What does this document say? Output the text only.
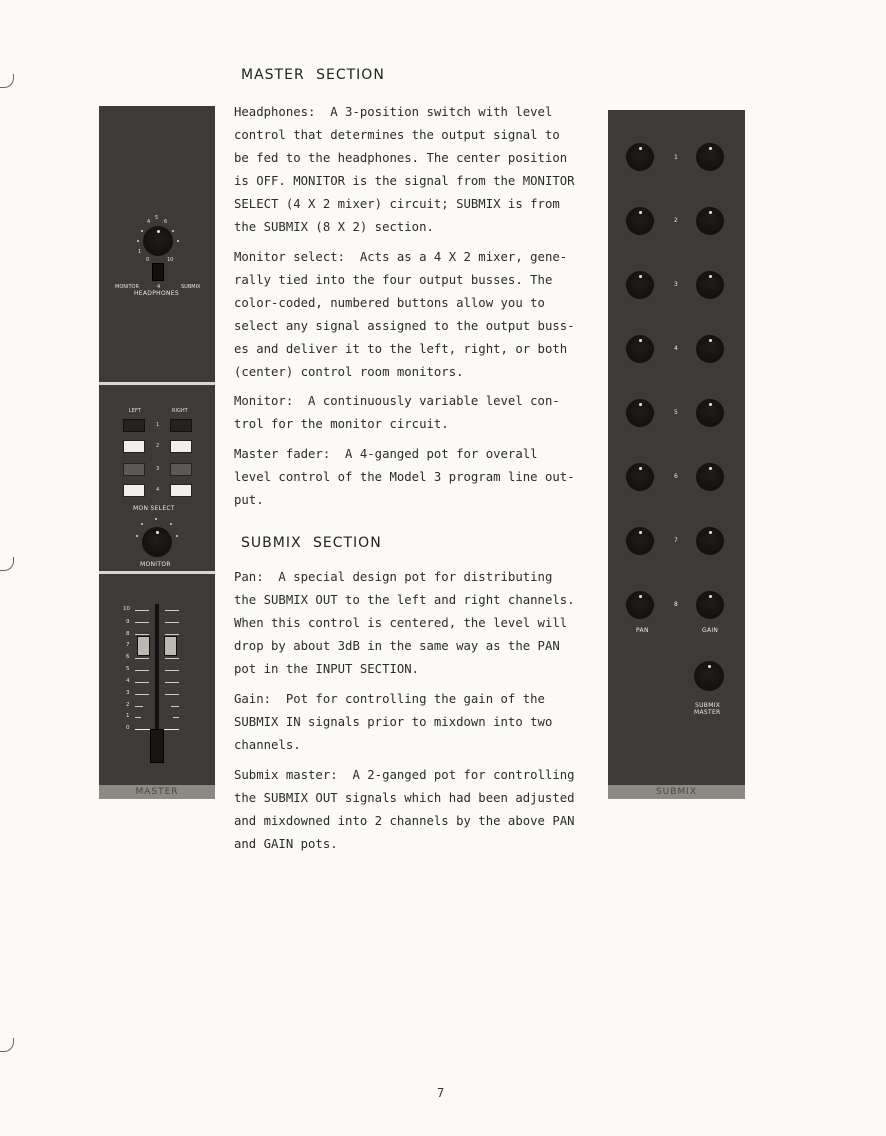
MASTER SECTION
SUBMIX SECTION
Headphones:  A 3-position switch with level
control that determines the output signal to
be fed to the headphones. The center position
is OFF. MONITOR is the signal from the MONITOR
SELECT (4 X 2 mixer) circuit; SUBMIX is from
the SUBMIX (8 X 2) section.
Monitor select:  Acts as a 4 X 2 mixer, gene-
rally tied into the four output busses. The
color-coded, numbered buttons allow you to
select any signal assigned to the output buss-
es and deliver it to the left, right, or both
(center) control room monitors.
Monitor:  A continuously variable level con-
trol for the monitor circuit.
Master fader:  A 4-ganged pot for overall
level control of the Model 3 program line out-
put.
Pan:  A special design pot for distributing
the SUBMIX OUT to the left and right channels.
When this control is centered, the level will
drop by about 3dB in the same way as the PAN
pot in the INPUT SECTION.
Gain:  Pot for controlling the gain of the
SUBMIX IN signals prior to mixdown into two
channels.
Submix master:  A 2-ganged pot for controlling
the SUBMIX OUT signals which had been adjusted
and mixdowned into 2 channels by the above PAN
and GAIN pots.
7
4
5
6
1
0	10
MONITOR	4	SUBMIX
HEADPHONES
LEFT	RIGHT
1
2
3
4
MON SELECT
MONITOR
10
9
8
7
6
5
4
3
2
1
0
MASTER
1
2
3
4
5
6
7
8
PAN	GAIN
SUBMIX
MASTER
SUBMIX
